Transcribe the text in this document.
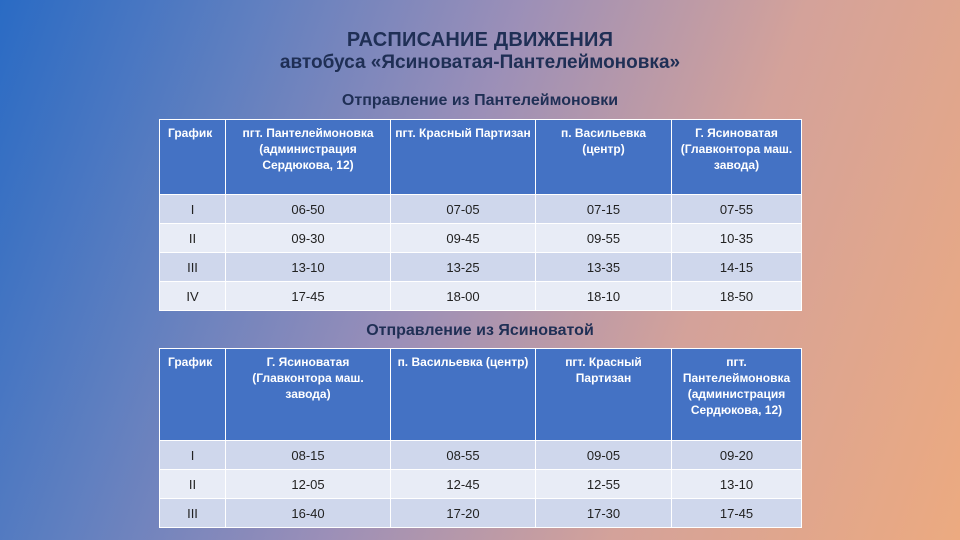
РАСПИСАНИЕ ДВИЖЕНИЯ
автобуса «Ясиноватая-Пантелеймоновка»
Отправление из Пантелеймоновки
График	пгт. Пантелеймоновка (администрация Сердюкова, 12)	пгт. Красный Партизан	п. Васильевка (центр)	Г. Ясиноватая (Главконтора маш. завода)
I	06-50	07-05	07-15	07-55
II	09-30	09-45	09-55	10-35
III	13-10	13-25	13-35	14-15
IV	17-45	18-00	18-10	18-50
Отправление из Ясиноватой
График	Г. Ясиноватая (Главконтора маш. завода)	п. Васильевка (центр)	пгт. Красный Партизан	пгт. Пантелеймоновка (администрация Сердюкова, 12)
I	08-15	08-55	09-05	09-20
II	12-05	12-45	12-55	13-10
III	16-40	17-20	17-30	17-45
